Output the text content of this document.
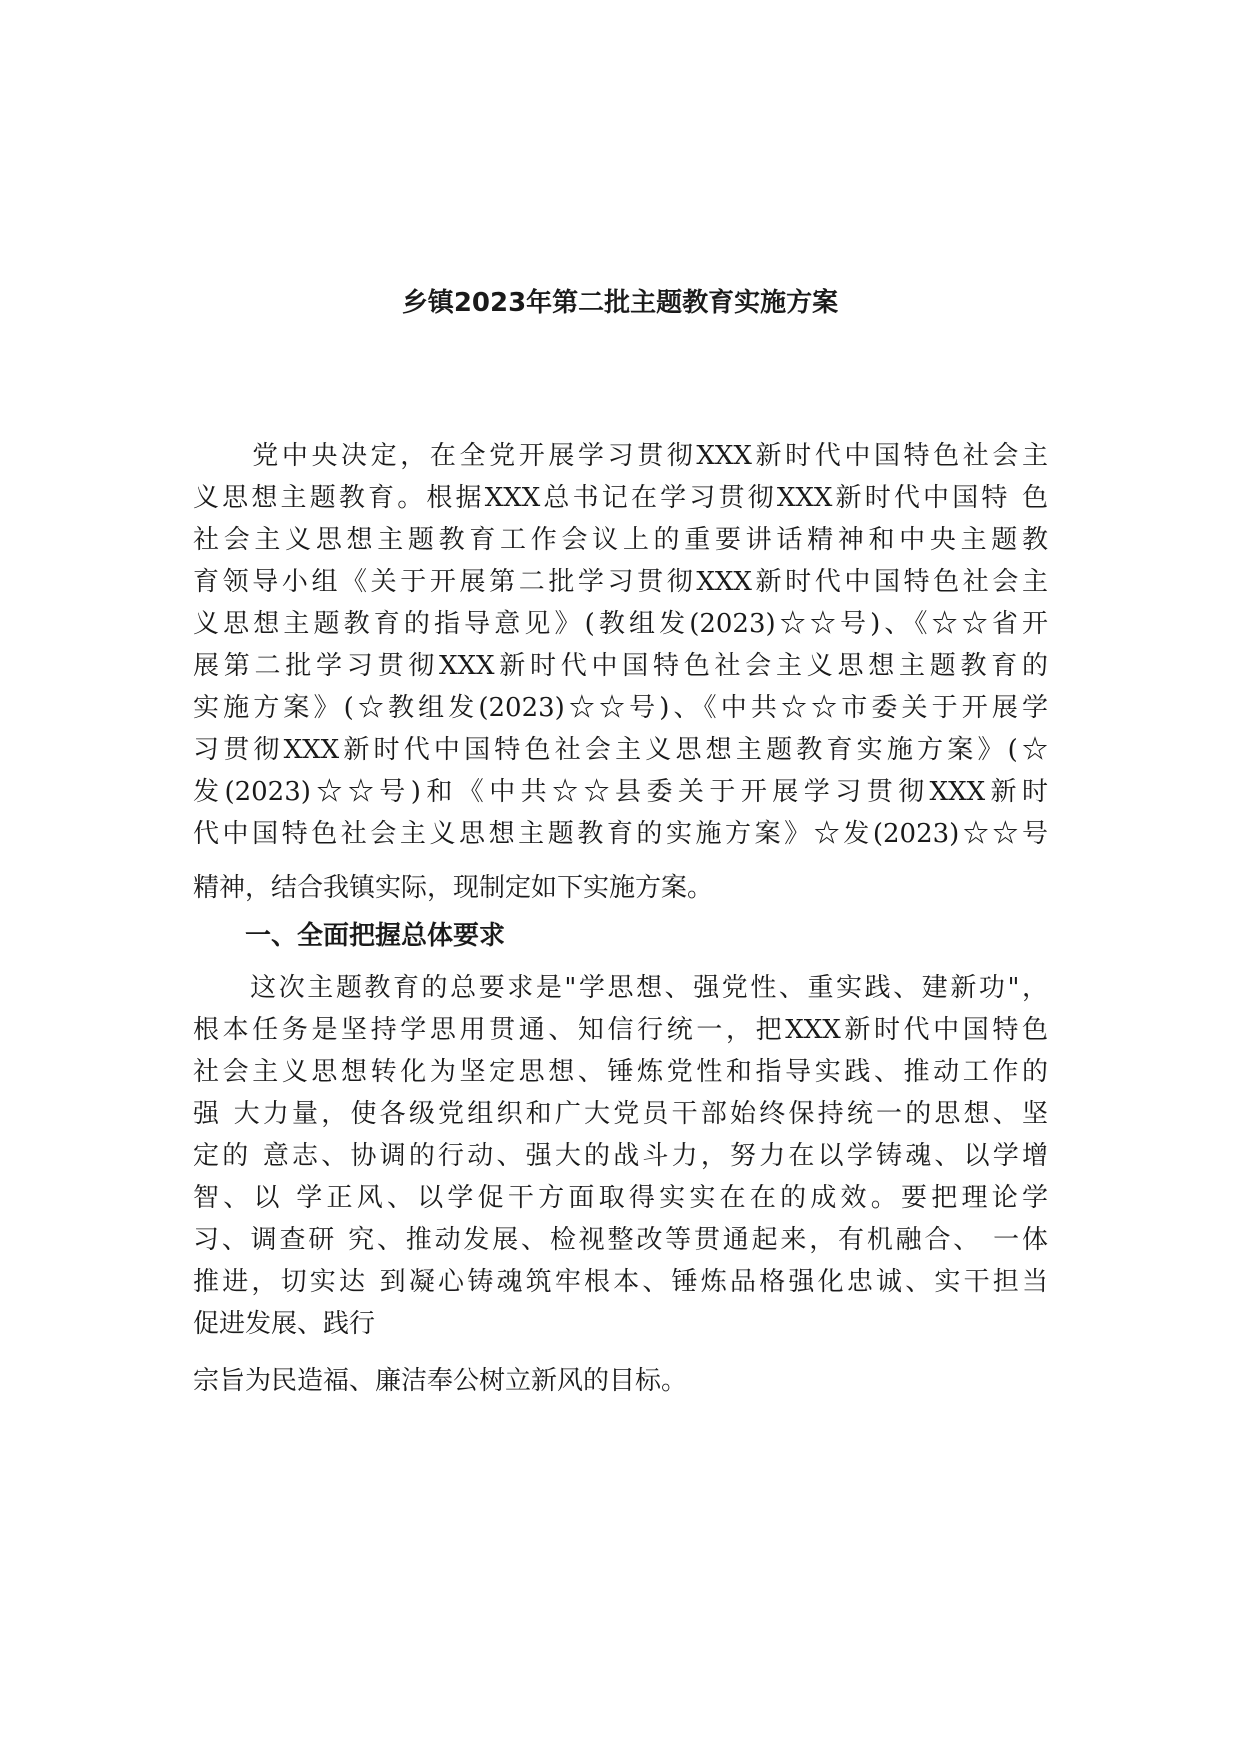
乡镇2023年第二批主题教育实施方案
　　党中央决定，在全党开展学习贯彻XXX新时代中国特色社会主
义思想主题教育。根据XXX总书记在学习贯彻XXX新时代中国特 色
社会主义思想主题教育工作会议上的重要讲话精神和中央主题教
育领导小组《关于开展第二批学习贯彻XXX新时代中国特色社会主
义思想主题教育的指导意见》(教组发(2023)☆☆号)、《☆☆省开
展第二批学习贯彻XXX新时代中国特色社会主义思想主题教育的
实施方案》(☆教组发(2023)☆☆号)、《中共☆☆市委关于开展学
习贯彻XXX新时代中国特色社会主义思想主题教育实施方案》(☆
发(2023)☆☆号)和《中共☆☆县委关于开展学习贯彻XXX新时
代中国特色社会主义思想主题教育的实施方案》☆发(2023)☆☆号
精神，结合我镇实际，现制定如下实施方案。
一、全面把握总体要求
　　这次主题教育的总要求是"学思想、强党性、重实践、建新功"，
根本任务是坚持学思用贯通、知信行统一，把XXX新时代中国特色
社会主义思想转化为坚定思想、锤炼党性和指导实践、推动工作的
强 大力量，使各级党组织和广大党员干部始终保持统一的思想、坚
定的 意志、协调的行动、强大的战斗力，努力在以学铸魂、以学增
智、以 学正风、以学促干方面取得实实在在的成效。要把理论学
习、调查研 究、推动发展、检视整改等贯通起来，有机融合、 一体
推进，切实达 到凝心铸魂筑牢根本、锤炼品格强化忠诚、实干担当
促进发展、践行
宗旨为民造福、廉洁奉公树立新风的目标。
